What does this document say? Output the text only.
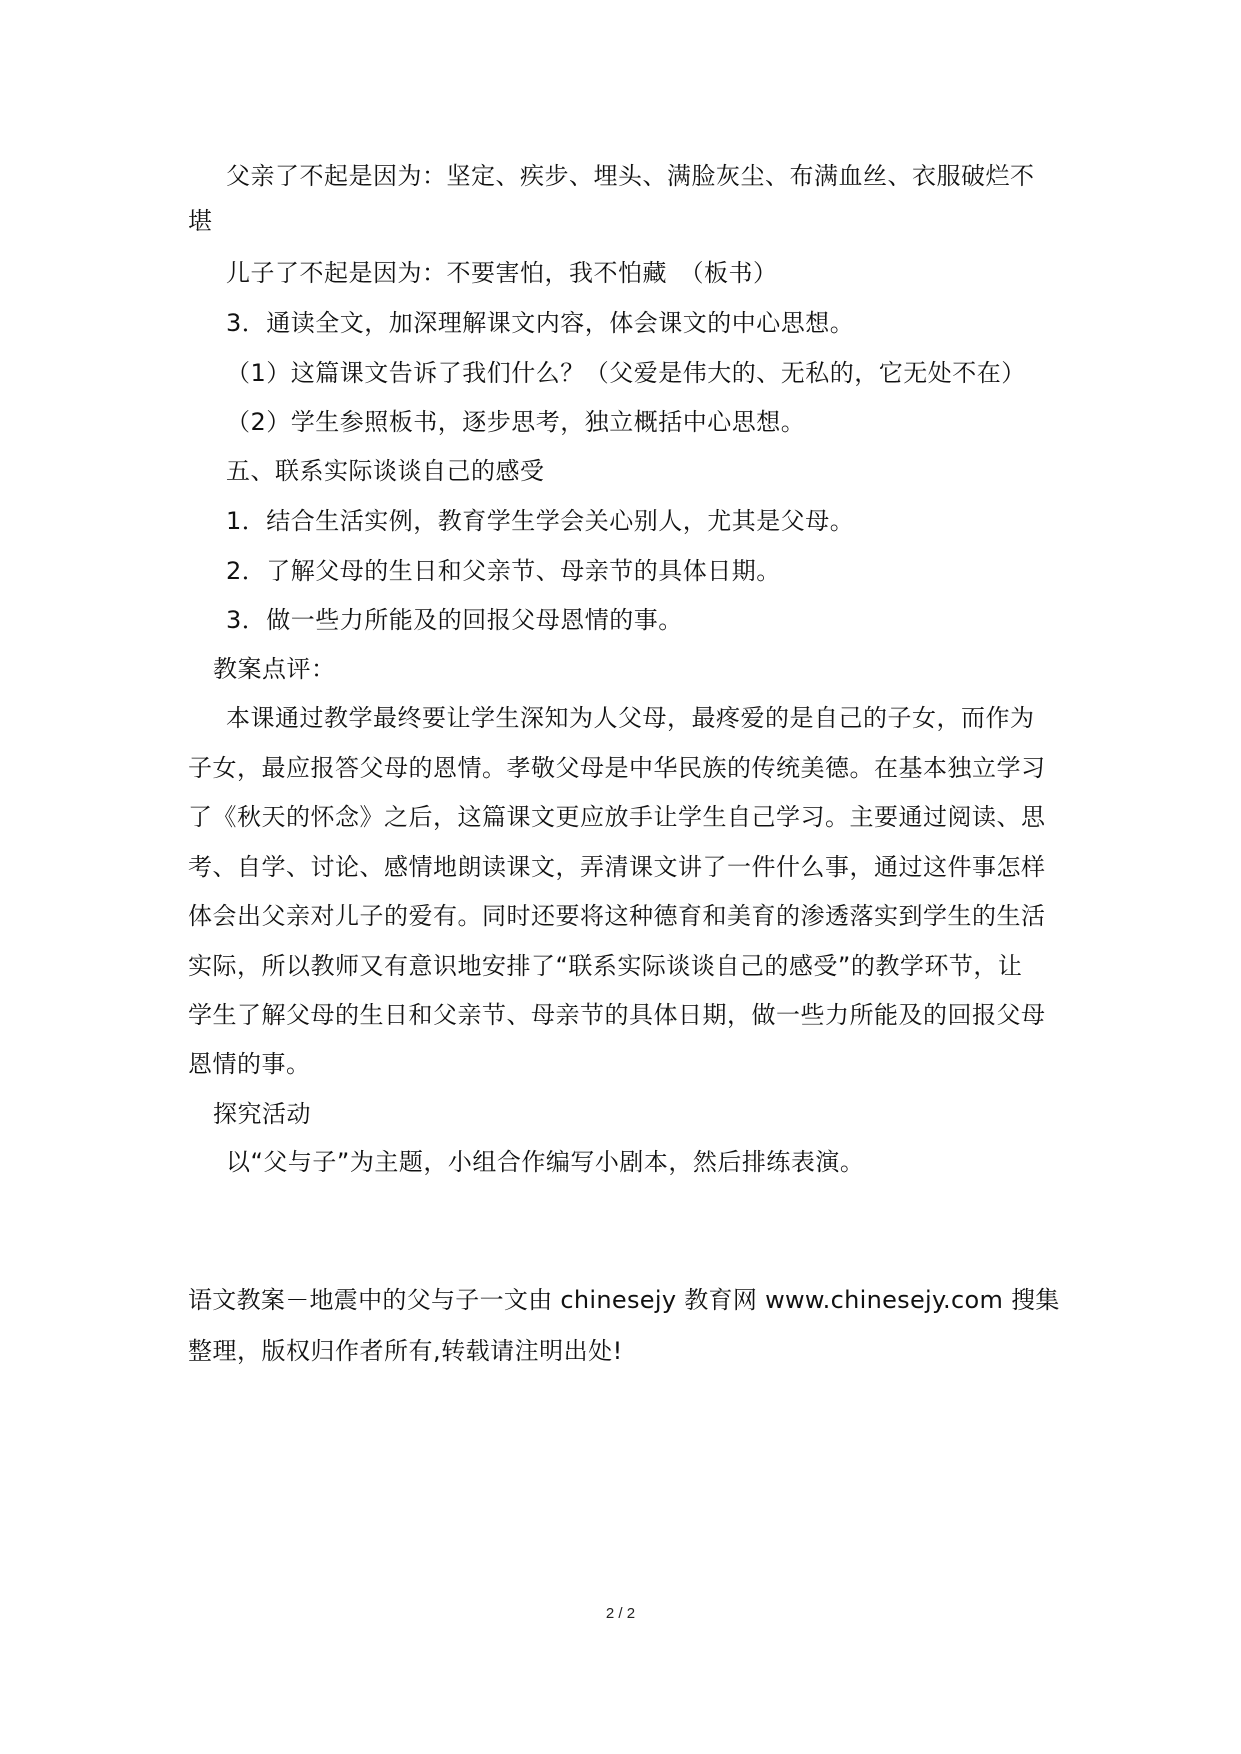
父亲了不起是因为：坚定、疾步、埋头、满脸灰尘、布满血丝、衣服破烂不
堪
儿子了不起是因为：不要害怕，我不怕藏　（板书）
3．通读全文，加深理解课文内容，体会课文的中心思想。
（1）这篇课文告诉了我们什么？（父爱是伟大的、无私的，它无处不在）
（2）学生参照板书，逐步思考，独立概括中心思想。
五、联系实际谈谈自己的感受
1．结合生活实例，教育学生学会关心别人，尤其是父母。
2．了解父母的生日和父亲节、母亲节的具体日期。
3．做一些力所能及的回报父母恩情的事。
教案点评：
本课通过教学最终要让学生深知为人父母，最疼爱的是自己的子女，而作为
子女，最应报答父母的恩情。孝敬父母是中华民族的传统美德。在基本独立学习
了《秋天的怀念》之后，这篇课文更应放手让学生自己学习。主要通过阅读、思
考、自学、讨论、感情地朗读课文，弄清课文讲了一件什么事，通过这件事怎样
体会出父亲对儿子的爱有。同时还要将这种德育和美育的渗透落实到学生的生活
实际，所以教师又有意识地安排了“联系实际谈谈自己的感受”的教学环节，让
学生了解父母的生日和父亲节、母亲节的具体日期，做一些力所能及的回报父母
恩情的事。
探究活动
以“父与子”为主题，小组合作编写小剧本，然后排练表演。
语文教案－地震中的父与子一文由 chinesejy 教育网 www.chinesejy.com 搜集
整理，版权归作者所有,转载请注明出处!
2 / 2
